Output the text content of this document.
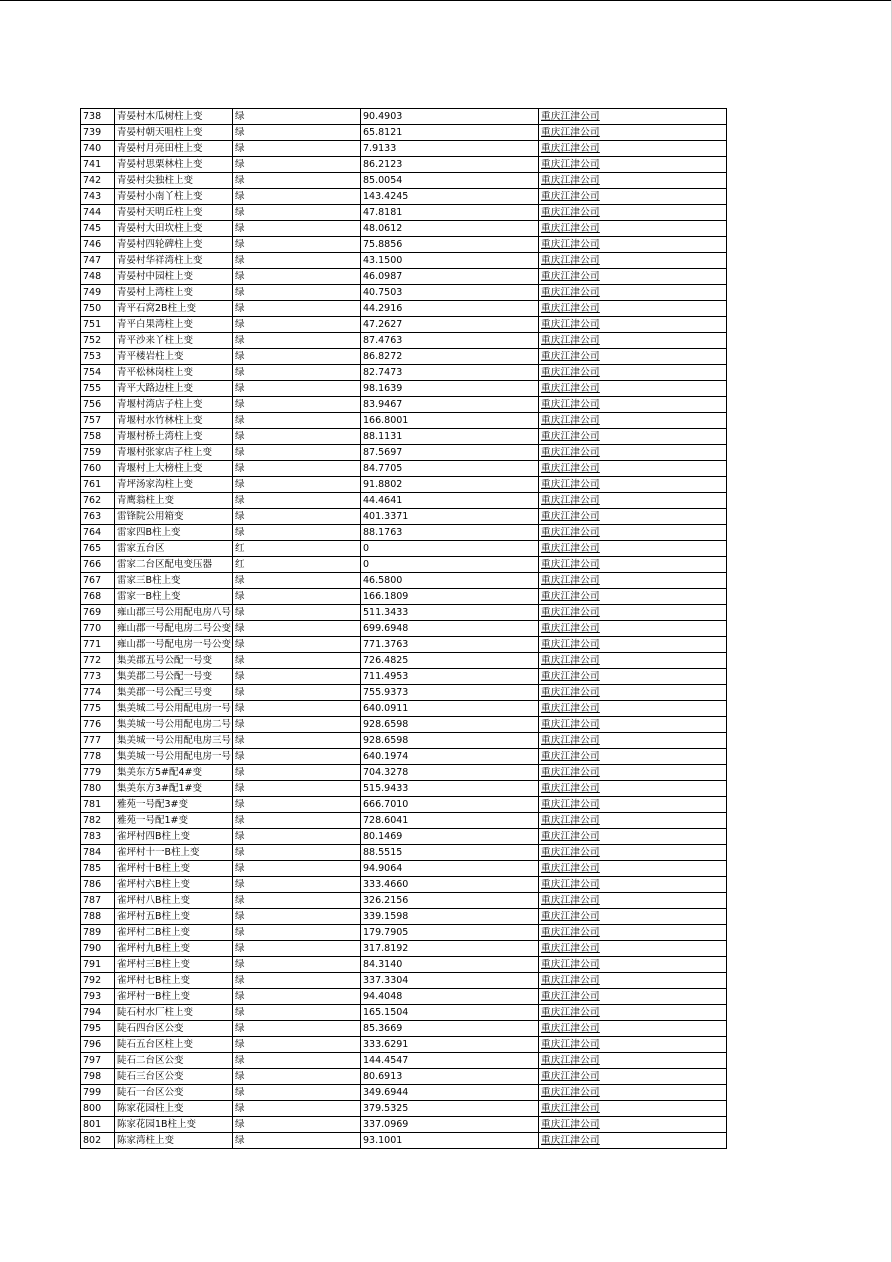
738	青晏村木瓜树柱上变	绿	90.4903	重庆江津公司
739	青晏村朝天咀柱上变	绿	65.8121	重庆江津公司
740	青晏村月亮田柱上变	绿	7.9133	重庆江津公司
741	青晏村思栗林柱上变	绿	86.2123	重庆江津公司
742	青晏村尖独柱上变	绿	85.0054	重庆江津公司
743	青晏村小南丫柱上变	绿	143.4245	重庆江津公司
744	青晏村天明丘柱上变	绿	47.8181	重庆江津公司
745	青晏村大田坎柱上变	绿	48.0612	重庆江津公司
746	青晏村四轮碑柱上变	绿	75.8856	重庆江津公司
747	青晏村华祥湾柱上变	绿	43.1500	重庆江津公司
748	青晏村中园柱上变	绿	46.0987	重庆江津公司
749	青晏村上湾柱上变	绿	40.7503	重庆江津公司
750	青平石窝2B柱上变	绿	44.2916	重庆江津公司
751	青平白果湾柱上变	绿	47.2627	重庆江津公司
752	青平沙来丫柱上变	绿	87.4763	重庆江津公司
753	青平楼岩柱上变	绿	86.8272	重庆江津公司
754	青平松林岗柱上变	绿	82.7473	重庆江津公司
755	青平大路边柱上变	绿	98.1639	重庆江津公司
756	青堰村湾店子柱上变	绿	83.9467	重庆江津公司
757	青堰村水竹林柱上变	绿	166.8001	重庆江津公司
758	青堰村桥土湾柱上变	绿	88.1131	重庆江津公司
759	青堰村张家店子柱上变	绿	87.5697	重庆江津公司
760	青堰村上大榜柱上变	绿	84.7705	重庆江津公司
761	青坪汤家沟柱上变	绿	91.8802	重庆江津公司
762	青鹰翁柱上变	绿	44.4641	重庆江津公司
763	雷锋院公用箱变	绿	401.3371	重庆江津公司
764	雷家四B柱上变	绿	88.1763	重庆江津公司
765	雷家五台区	红	0	重庆江津公司
766	雷家二台区配电变压器	红	0	重庆江津公司
767	雷家三B柱上变	绿	46.5800	重庆江津公司
768	雷家一B柱上变	绿	166.1809	重庆江津公司
769	雍山郡三号公用配电房八号	绿	511.3433	重庆江津公司
770	雍山郡一号配电房二号公变	绿	699.6948	重庆江津公司
771	雍山郡一号配电房一号公变	绿	771.3763	重庆江津公司
772	集美郡五号公配一号变	绿	726.4825	重庆江津公司
773	集美郡二号公配一号变	绿	711.4953	重庆江津公司
774	集美郡一号公配三号变	绿	755.9373	重庆江津公司
775	集美城二号公用配电房一号	绿	640.0911	重庆江津公司
776	集美城一号公用配电房二号	绿	928.6598	重庆江津公司
777	集美城一号公用配电房三号	绿	928.6598	重庆江津公司
778	集美城一号公用配电房一号	绿	640.1974	重庆江津公司
779	集美东方5#配4#变	绿	704.3278	重庆江津公司
780	集美东方3#配1#变	绿	515.9433	重庆江津公司
781	雅苑一号配3#变	绿	666.7010	重庆江津公司
782	雅苑一号配1#变	绿	728.6041	重庆江津公司
783	雀坪村四B柱上变	绿	80.1469	重庆江津公司
784	雀坪村十一B柱上变	绿	88.5515	重庆江津公司
785	雀坪村十B柱上变	绿	94.9064	重庆江津公司
786	雀坪村六B柱上变	绿	333.4660	重庆江津公司
787	雀坪村八B柱上变	绿	326.2156	重庆江津公司
788	雀坪村五B柱上变	绿	339.1598	重庆江津公司
789	雀坪村二B柱上变	绿	179.7905	重庆江津公司
790	雀坪村九B柱上变	绿	317.8192	重庆江津公司
791	雀坪村三B柱上变	绿	84.3140	重庆江津公司
792	雀坪村七B柱上变	绿	337.3304	重庆江津公司
793	雀坪村一B柱上变	绿	94.4048	重庆江津公司
794	陡石村水厂柱上变	绿	165.1504	重庆江津公司
795	陡石四台区公变	绿	85.3669	重庆江津公司
796	陡石五台区柱上变	绿	333.6291	重庆江津公司
797	陡石二台区公变	绿	144.4547	重庆江津公司
798	陡石三台区公变	绿	80.6913	重庆江津公司
799	陡石一台区公变	绿	349.6944	重庆江津公司
800	陈家花园柱上变	绿	379.5325	重庆江津公司
801	陈家花园1B柱上变	绿	337.0969	重庆江津公司
802	陈家湾柱上变	绿	93.1001	重庆江津公司
